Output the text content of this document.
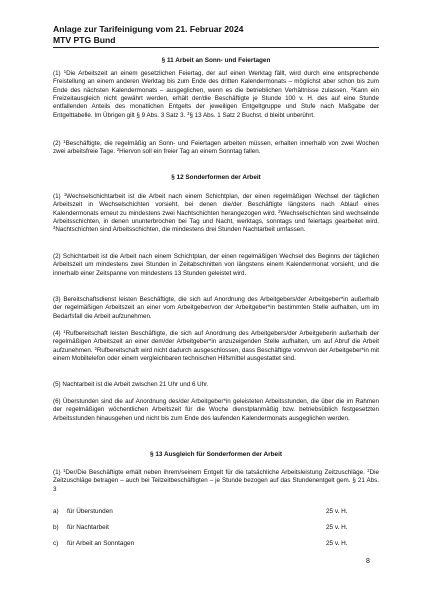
Anlage zur Tarifeinigung vom 21. Februar 2024
MTV PTG Bund
§ 11 Arbeit an Sonn- und Feiertagen
(1) $^1$Die Arbeitszeit an einem gesetzlichen Feiertag, der auf einen Werktag fällt, wird durch eine entsprechende Freistellung an einem anderen Werktag bis zum Ende des dritten Kalendermonats – möglichst aber schon bis zum Ende des nächsten Kalendermonats – ausgeglichen, wenn es die betrieblichen Verhältnisse zulassen. $^2$Kann ein Freizeitausgleich nicht gewährt werden, erhält der/die Beschäftigte je Stunde 100 v. H. des auf eine Stunde entfallenden Anteils des monatlichen Entgelts der jeweiligen Entgeltgruppe und Stufe nach Maßgabe der Entgelttabelle. Im Übrigen gilt § 9 Abs. 3 Satz 3. $^3$§ 13 Abs. 1 Satz 2 Buchst. d bleibt unberührt.
(2) $^1$Beschäftigte, die regelmäßig an Sonn- und Feiertagen arbeiten müssen, erhalten innerhalb von zwei Wochen zwei arbeitsfreie Tage. $^2$Hiervon soll ein freier Tag an einem Sonntag fallen.
§ 12 Sonderformen der Arbeit
(1) $^1$Wechselschichtarbeit ist die Arbeit nach einem Schichtplan, der einen regelmäßigen Wechsel der täglichen Arbeitszeit in Wechselschichten vorsieht, bei denen die/der Beschäftigte längstens nach Ablauf eines Kalendermonats erneut zu mindestens zwei Nachtschichten herangezogen wird. $^2$Wechselschichten sind wechselnde Arbeitsschichten, in denen ununterbrochen bei Tag und Nacht, werktags, sonntags und feiertags gearbeitet wird. $^3$Nachtschichten sind Arbeitsschichten, die mindestens drei Stunden Nachtarbeit umfassen.
(2) Schichtarbeit ist die Arbeit nach einem Schichtplan, der einen regelmäßigen Wechsel des Beginns der täglichen Arbeitszeit um mindestens zwei Stunden in Zeitabschnitten von längstens einem Kalendermonat vorsieht, und die innerhalb einer Zeitspanne von mindestens 13 Stunden geleistet wird.
(3) Bereitschaftsdienst leisten Beschäftigte, die sich auf Anordnung des Arbeitgebers/der Arbeitgeber*in außerhalb der regelmäßigen Arbeitszeit an einer vom Arbeitgeber/von der Arbeitgeber*in bestimmten Stelle aufhalten, um im Bedarfsfall die Arbeit aufzunehmen.
(4) $^1$Rufbereitschaft leisten Beschäftigte, die sich auf Anordnung des Arbeitgebers/der Arbeitgeberin außerhalb der regelmäßigen Arbeitszeit an einer dem/der Arbeitgeber*in anzuzeigenden Stelle aufhalten, um auf Abruf die Arbeit aufzunehmen. $^2$Rufbereitschaft wird nicht dadurch ausgeschlossen, dass Beschäftigte vom/von der Arbeitgeber*in mit einem Mobiltelefon oder einem vergleichbaren technischen Hilfsmittel ausgestattet sind.
(5) Nachtarbeit ist die Arbeit zwischen 21 Uhr und 6 Uhr.
(6) Überstunden sind die auf Anordnung des/der Arbeitgeber*in geleisteten Arbeitsstunden, die über die im Rahmen der regelmäßigen wöchentlichen Arbeitszeit für die Woche dienstplanmäßig bzw. betriebsüblich festgesetzten Arbeitsstunden hinausgehen und nicht bis zum Ende des laufenden Kalendermonats ausgeglichen werden.
§ 13 Ausgleich für Sonderformen der Arbeit
(1) $^1$Der/Die Beschäftigte erhält neben ihrem/seinem Entgelt für die tatsächliche Arbeitsleistung Zeitzuschläge. $^2$Die Zeitzuschläge betragen – auch bei Teilzeitbeschäftigten – je Stunde bezogen auf das Stundenentgelt gem. § 21 Abs. 3
a) für Überstunden	25 v. H.
b) für Nachtarbeit	25 v. H.
c) für Arbeit an Sonntagen	25 v. H.
8
